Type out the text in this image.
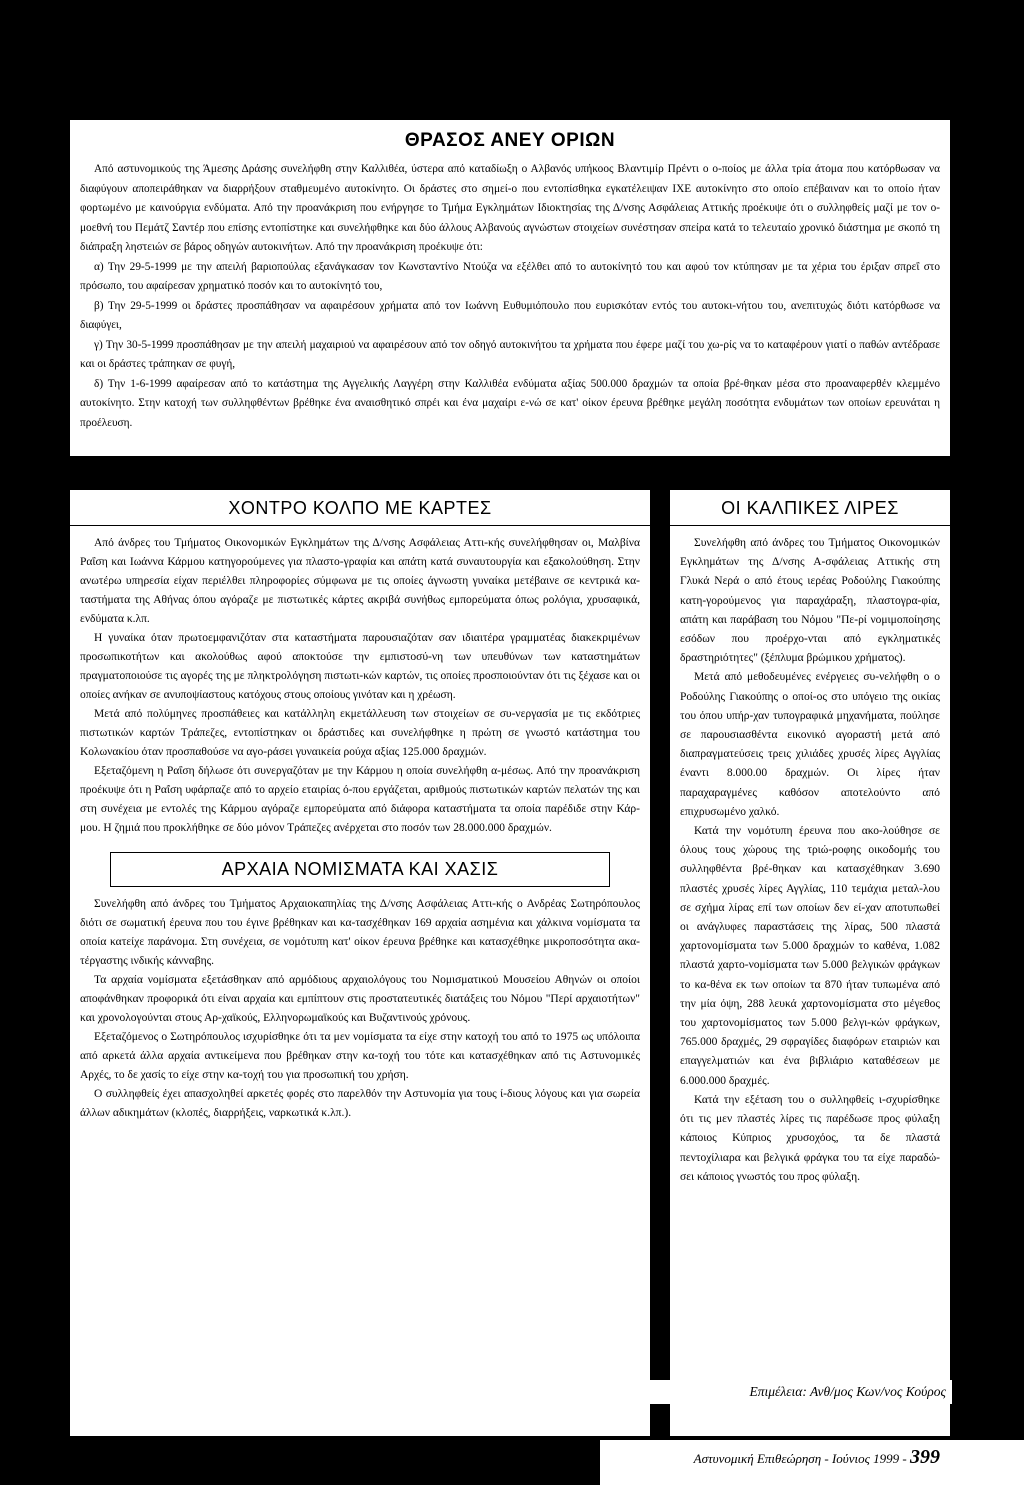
ΘΡΑΣΟΣ ΑΝΕΥ ΟΡΙΩΝ

Από αστυνομικούς της Άμεσης Δράσης συνελήφθη στην Καλλιθέα, ύστερα από καταδίωξη ο Αλβανός υπήκοος Βλαντιμίρ Πρέντι ο ο-ποίος με άλλα τρία άτομα που κατόρθωσαν να διαφύγουν αποπειράθηκαν να διαρρήξουν σταθμευμένο αυτοκίνητο. Οι δράστες στο σημεί-ο που εντοπίσθηκα εγκατέλειψαν ΙΧΕ αυτοκίνητο στο οποίο επέβαιναν και το οποίο ήταν φορτωμένο με καινούργια ενδύματα. Από την προανάκριση που ενήργησε το Τμήμα Εγκλημάτων Ιδιοκτησίας της Δ/νσης Ασφάλειας Αττικής προέκυψε ότι ο συλληφθείς μαζί με τον ο-μοεθνή του Πεμάτζ Σαντέρ που επίσης εντοπίστηκε και συνελήφθηκε και δύο άλλους Αλβανούς αγνώστων στοιχείων συνέστησαν σπείρα κατά το τελευταίο χρονικό διάστημα με σκοπό τη διάπραξη ληστειών σε βάρος οδηγών αυτοκινήτων. Από την προανάκριση προέκυψε ότι:

α) Την 29-5-1999 με την απειλή βαριοπούλας εξανάγκασαν τον Κωνσταντίνο Ντούζα να εξέλθει από το αυτοκίνητό του και αφού τον κτύπησαν με τα χέρια του έριξαν σπρεΐ στο πρόσωπο, του αφαίρεσαν χρηματικό ποσόν και το αυτοκίνητό του,

β) Την 29-5-1999 οι δράστες προσπάθησαν να αφαιρέσουν χρήματα από τον Ιωάννη Ευθυμιόπουλο που ευρισκόταν εντός του αυτοκι-νήτου του, ανεπιτυχώς διότι κατόρθωσε να διαφύγει,

γ) Την 30-5-1999 προσπάθησαν με την απειλή μαχαιριού να αφαιρέσουν από τον οδηγό αυτοκινήτου τα χρήματα που έφερε μαζί του χω-ρίς να το καταφέρουν γιατί ο παθών αντέδρασε και οι δράστες τράπηκαν σε φυγή,

δ) Την 1-6-1999 αφαίρεσαν από το κατάστημα της Αγγελικής Λαγγέρη στην Καλλιθέα ενδύματα αξίας 500.000 δραχμών τα οποία βρέ-θηκαν μέσα στο προαναφερθέν κλεμμένο αυτοκίνητο. Στην κατοχή των συλληφθέντων βρέθηκε ένα αναισθητικό σπρέι και ένα μαχαίρι ε-νώ σε κατ' οίκον έρευνα βρέθηκε μεγάλη ποσότητα ενδυμάτων των οποίων ερευνάται η προέλευση.

ΧΟΝΤΡΟ ΚΟΛΠΟ ΜΕ ΚΑΡΤΕΣ

Από άνδρες του Τμήματος Οικονομικών Εγκλημάτων της Δ/νσης Ασφάλειας Αττι-κής συνελήφθησαν οι, Μαλβίνα Ραΐση και Ιωάννα Κάρμου κατηγορούμενες για πλαστο-γραφία και απάτη κατά συναυτουργία και εξακολούθηση. Στην ανωτέρω υπηρεσία είχαν περιέλθει πληροφορίες σύμφωνα με τις οποίες άγνωστη γυναίκα μετέβαινε σε κεντρικά κα-ταστήματα της Αθήνας όπου αγόραζε με πιστωτικές κάρτες ακριβά συνήθως εμπορεύματα όπως ρολόγια, χρυσαφικά, ενδύματα κ.λπ.

Η γυναίκα όταν πρωτοεμφανιζόταν στα καταστήματα παρουσιαζόταν σαν ιδιαιτέρα γραμματέας διακεκριμένων προσωπικοτήτων και ακολούθως αφού αποκτούσε την εμπιστοσύ-νη των υπευθύνων των καταστημάτων πραγματοποιούσε τις αγορές της με πληκτρολόγηση πιστωτι-κών καρτών, τις οποίες προσποιούνταν ότι τις ξέχασε και οι οποίες ανήκαν σε ανυποψίαστους κατόχους στους οποίους γινόταν και η χρέωση.

Μετά από πολύμηνες προσπάθειες και κατάλληλη εκμετάλλευση των στοιχείων σε συ-νεργασία με τις εκδότριες πιστωτικών καρτών Τράπεζες, εντοπίστηκαν οι δράστιδες και συνελήφθηκε η πρώτη σε γνωστό κατάστημα του Κολωνακίου όταν προσπαθούσε να αγο-ράσει γυναικεία ρούχα αξίας 125.000 δραχμών.

Εξεταζόμενη η Ραΐση δήλωσε ότι συνεργαζόταν με την Κάρμου η οποία συνελήφθη α-μέσως. Από την προανάκριση προέκυψε ότι η Ραΐση υφάρπαζε από το αρχείο εταιρίας ό-που εργάζεται, αριθμούς πιστωτικών καρτών πελατών της και στη συνέχεια με εντολές της Κάρμου αγόραζε εμπορεύματα από διάφορα καταστήματα τα οποία παρέδιδε στην Κάρ-μου. Η ζημιά που προκλήθηκε σε δύο μόνον Τράπεζες ανέρχεται στο ποσόν των 28.000.000 δραχμών.

ΑΡΧΑΙΑ ΝΟΜΙΣΜΑΤΑ ΚΑΙ ΧΑΣΙΣ

Συνελήφθη από άνδρες του Τμήματος Αρχαιοκαπηλίας της Δ/νσης Ασφάλειας Αττι-κής ο Ανδρέας Σωτηρόπουλος διότι σε σωματική έρευνα που του έγινε βρέθηκαν και κα-τασχέθηκαν 169 αρχαία ασημένια και χάλκινα νομίσματα τα οποία κατείχε παράνομα. Στη συνέχεια, σε νομότυπη κατ' οίκον έρευνα βρέθηκε και κατασχέθηκε μικροποσότητα ακα-τέργαστης ινδικής κάνναβης.

Τα αρχαία νομίσματα εξετάσθηκαν από αρμόδιους αρχαιολόγους του Νομισματικού Μουσείου Αθηνών οι οποίοι αποφάνθηκαν προφορικά ότι είναι αρχαία και εμπίπτουν στις προστατευτικές διατάξεις του Νόμου "Περί αρχαιοτήτων" και χρονολογούνται στους Αρ-χαϊκούς, Ελληνορωμαϊκούς και Βυζαντινούς χρόνους.

Εξεταζόμενος ο Σωτηρόπουλος ισχυρίσθηκε ότι τα μεν νομίσματα τα είχε στην κατοχή του από το 1975 ως υπόλοιπα από αρκετά άλλα αρχαία αντικείμενα που βρέθηκαν στην κα-τοχή του τότε και κατασχέθηκαν από τις Αστυνομικές Αρχές, το δε χασίς το είχε στην κα-τοχή του για προσωπική του χρήση.

Ο συλληφθείς έχει απασχοληθεί αρκετές φορές στο παρελθόν την Αστυνομία για τους ί-διους λόγους και για σωρεία άλλων αδικημάτων (κλοπές, διαρρήξεις, ναρκωτικά κ.λπ.).

ΟΙ ΚΑΛΠΙΚΕΣ ΛΙΡΕΣ

Συνελήφθη από άνδρες του Τμήματος Οικονομικών Εγκλημάτων της Δ/νσης Α-σφάλειας Αττικής στη Γλυκά Νερά ο από έτους ιερέας Ροδούλης Γιακούπης κατη-γορούμενος για παραχάραξη, πλαστογρα-φία, απάτη και παράβαση του Νόμου "Πε-ρί νομιμοποίησης εσόδων που προέρχο-νται από εγκληματικές δραστηριότητες" (ξέπλυμα βρώμικου χρήματος).

Μετά από μεθοδευμένες ενέργειες συ-νελήφθη ο ο Ροδούλης Γιακούπης ο οποί-ος στο υπόγειο της οικίας του όπου υπήρ-χαν τυπογραφικά μηχανήματα, πούλησε σε παρουσιασθέντα εικονικό αγοραστή μετά από διαπραγματεύσεις τρεις χιλιάδες χρυσές λίρες Αγγλίας έναντι 8.000.00 δραχμών. Οι λίρες ήταν παραχαραγμένες καθόσον αποτελούντο από επιχρυσωμένο χαλκό.

Κατά την νομότυπη έρευνα που ακο-λούθησε σε όλους τους χώρους της τριώ-ροφης οικοδομής του συλληφθέντα βρέ-θηκαν και κατασχέθηκαν 3.690 πλαστές χρυσές λίρες Αγγλίας, 110 τεμάχια μεταλ-λου σε σχήμα λίρας επί των οποίων δεν εί-χαν αποτυπωθεί οι ανάγλυφες παραστάσεις της λίρας, 500 πλαστά χαρτονομίσματα των 5.000 δραχμών το καθένα, 1.082 πλαστά χαρτο-νομίσματα των 5.000 βελγικών φράγκων το κα-θένα εκ των οποίων τα 870 ήταν τυπωμένα από την μία όψη, 288 λευκά χαρτονομίσματα στο μέγεθος του χαρτονομίσματος των 5.000 βελγι-κών φράγκων, 765.000 δραχμές, 29 σφραγίδες διαφόρων εταιριών και επαγγελματιών και ένα βιβλιάριο καταθέσεων με 6.000.000 δραχμές.

Κατά την εξέταση του ο συλληφθείς ι-σχυρίσθηκε ότι τις μεν πλαστές λίρες τις παρέδωσε προς φύλαξη κάποιος Κύπριος χρυσοχόος, τα δε πλαστά πεντοχίλιαρα και βελγικά φράγκα του τα είχε παραδώ-σει κάποιος γνωστός του προς φύλαξη.

Επιμέλεια: Ανθ/μος Κων/νος Κούρος
Αστυνομική Επιθεώρηση - Ιούνιος 1999 - 399
